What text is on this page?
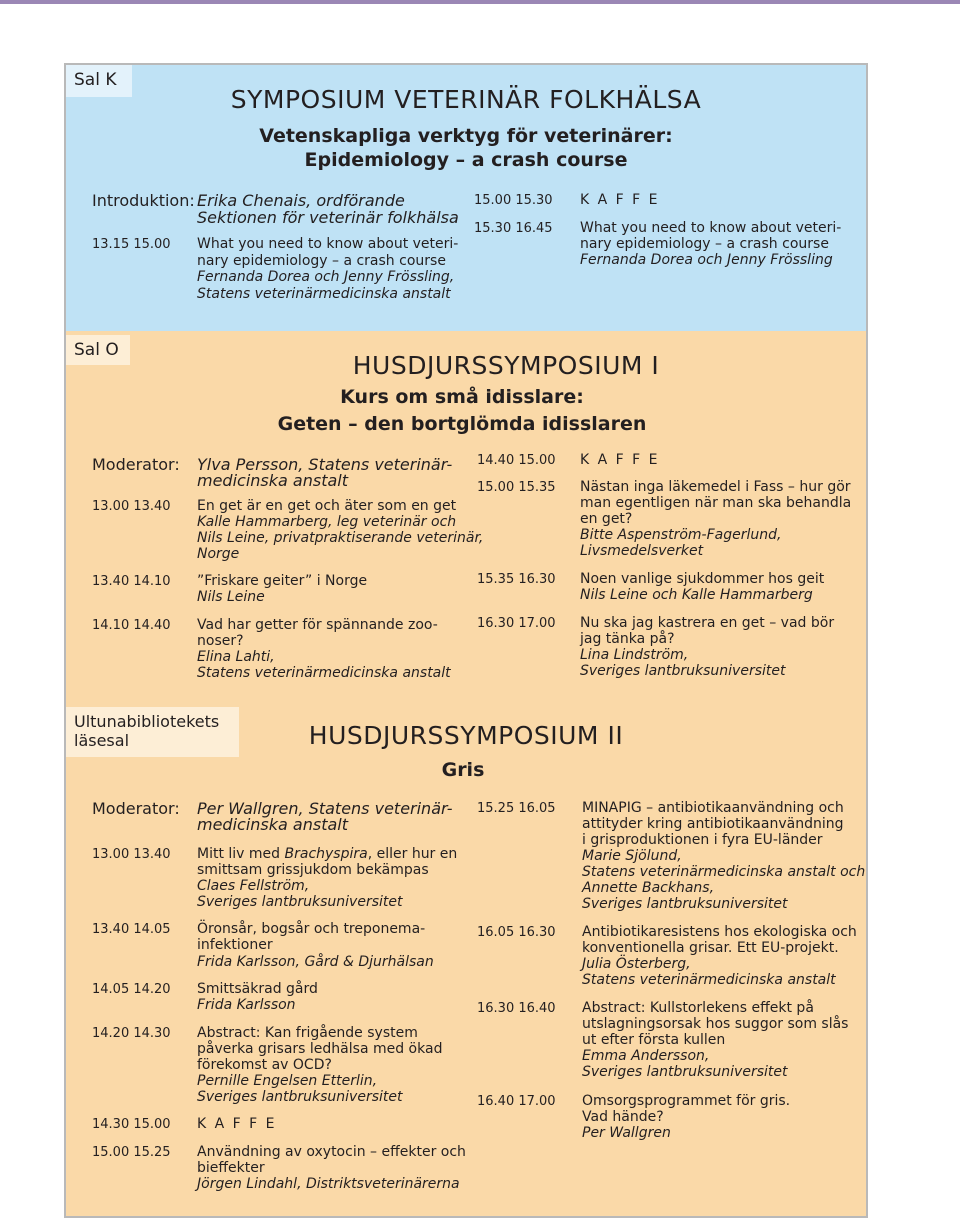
Sal K
SYMPOSIUM VETERINÄR FOLKHÄLSA
Vetenskapliga verktyg för veterinärer:
Epidemiology – a crash course
Introduktion: Erika Chenais, ordförande
Sektionen för veterinär folkhälsa
13.15 15.00 What you need to know about veteri-
nary epidemiology – a crash course
Fernanda Dorea och Jenny Frössling,
Statens veterinärmedicinska anstalt
15.00 15.30 K A F F E
15.30 16.45 What you need to know about veteri-
nary epidemiology – a crash course
Fernanda Dorea och Jenny Frössling
Sal O
HUSDJURSSYMPOSIUM I
Kurs om små idisslare:
Geten – den bortglömda idisslaren
Moderator: Ylva Persson, Statens veterinär-
medicinska anstalt
13.00 13.40 En get är en get och äter som en get
Kalle Hammarberg, leg veterinär och
Nils Leine, privatpraktiserande veterinär,
Norge
13.40 14.10 ”Friskare geiter” i Norge
Nils Leine
14.10 14.40 Vad har getter för spännande zoo-
noser?
Elina Lahti,
Statens veterinärmedicinska anstalt
14.40 15.00 K A F F E
15.00 15.35 Nästan inga läkemedel i Fass – hur gör
man egentligen när man ska behandla
en get?
Bitte Aspenström-Fagerlund,
Livsmedelsverket
15.35 16.30 Noen vanlige sjukdommer hos geit
Nils Leine och Kalle Hammarberg
16.30 17.00 Nu ska jag kastrera en get – vad bör
jag tänka på?
Lina Lindström,
Sveriges lantbruksuniversitet
Ultunabibliotekets
läsesal	HUSDJURSSYMPOSIUM II
Gris
Moderator: Per Wallgren, Statens veterinär-
medicinska anstalt
13.00 13.40 Mitt liv med Brachyspira, eller hur en
smittsam grissjukdom bekämpas
Claes Fellström,
Sveriges lantbruksuniversitet
13.40 14.05 Öronsår, bogsår och treponema-
infektioner
Frida Karlsson, Gård & Djurhälsan
14.05 14.20 Smittsäkrad gård
Frida Karlsson
14.20 14.30 Abstract: Kan frigående system
påverka grisars ledhälsa med ökad
förekomst av OCD?
Pernille Engelsen Etterlin,
Sveriges lantbruksuniversitet
14.30 15.00 K A F F E
15.00 15.25 Användning av oxytocin – effekter och
bieffekter
Jörgen Lindahl, Distriktsveterinärerna
15.25 16.05 MINAPIG – antibiotikaanvändning och
attityder kring antibiotikaanvändning
i grisproduktionen i fyra EU-länder
Marie Sjölund,
Statens veterinärmedicinska anstalt och
Annette Backhans,
Sveriges lantbruksuniversitet
16.05 16.30 Antibiotikaresistens hos ekologiska och
konventionella grisar. Ett EU-projekt.
Julia Österberg,
Statens veterinärmedicinska anstalt
16.30 16.40 Abstract: Kullstorlekens effekt på
utslagningsorsak hos suggor som slås
ut efter första kullen
Emma Andersson,
Sveriges lantbruksuniversitet
16.40 17.00 Omsorgsprogrammet för gris.
Vad hände?
Per Wallgren
